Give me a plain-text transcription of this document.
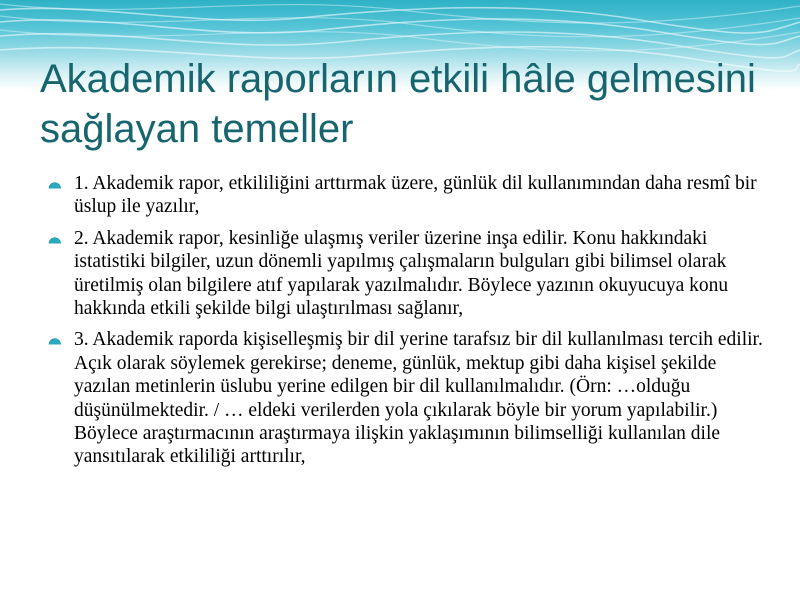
Akademik raporların etkili hâle gelmesini sağlayan temeller
1. Akademik rapor, etkililiğini arttırmak üzere, günlük dil kullanımından daha resmî bir üslup ile yazılır,
2. Akademik rapor, kesinliğe ulaşmış veriler üzerine inşa edilir. Konu hakkındaki istatistiki bilgiler, uzun dönemli yapılmış çalışmaların bulguları gibi bilimsel olarak üretilmiş olan bilgilere atıf yapılarak yazılmalıdır. Böylece yazının okuyucuya konu hakkında etkili şekilde bilgi ulaştırılması sağlanır,
3. Akademik raporda kişiselleşmiş bir dil yerine tarafsız bir dil kullanılması tercih edilir. Açık olarak söylemek gerekirse; deneme, günlük, mektup gibi daha kişisel şekilde yazılan metinlerin üslubu yerine edilgen bir dil kullanılmalıdır. (Örn: …olduğu düşünülmektedir. / … eldeki verilerden yola çıkılarak böyle bir yorum yapılabilir.) Böylece araştırmacının araştırmaya ilişkin yaklaşımının bilimselliği kullanılan dile yansıtılarak etkililiği arttırılır,
